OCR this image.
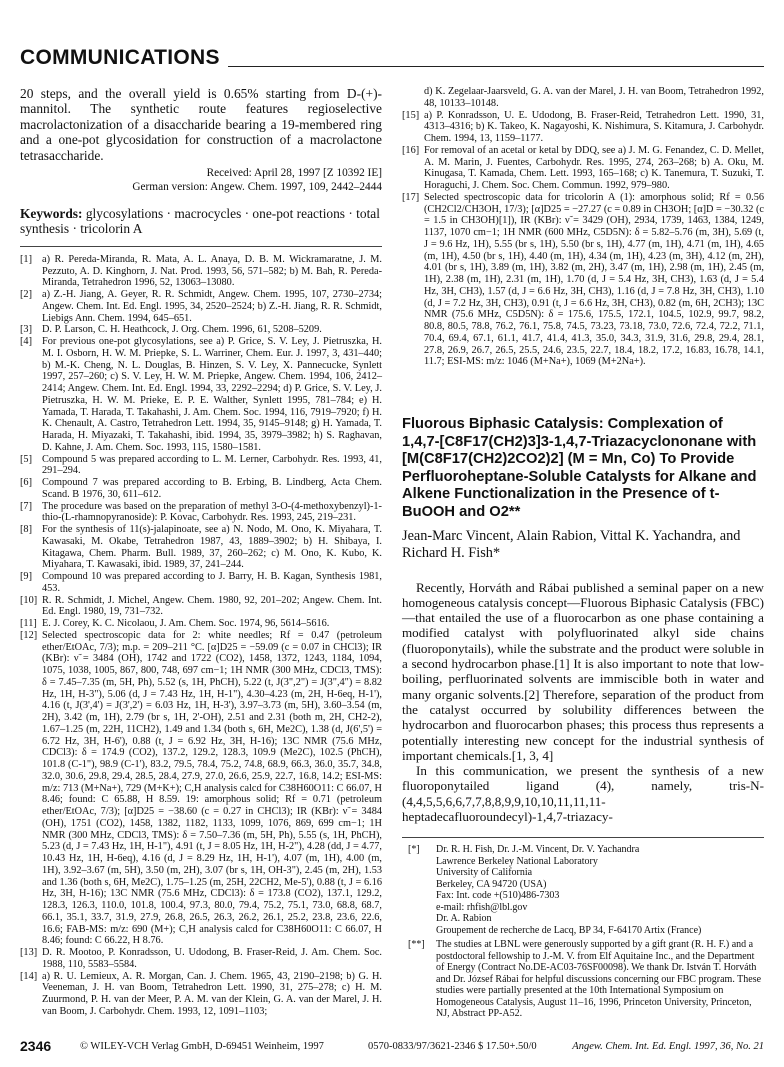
COMMUNICATIONS

20 steps, and the overall yield is 0.65% starting from D-(+)-mannitol. The synthetic route features regioselective macrolactonization of a disaccharide bearing a 19-membered ring and a one-pot glycosidation for construction of a macrolactone tetrasaccharide.

Received: April 28, 1997 [Z 10392 IE]
German version: Angew. Chem. 1997, 109, 2442–2444
Keywords: glycosylations · macrocycles · one-pot reactions · total synthesis · tricolorin A
[1] a) R. Pereda-Miranda, R. Mata, A. L. Anaya, D. B. M. Wickramaratne, J. M. Pezzuto, A. D. Kinghorn, J. Nat. Prod. 1993, 56, 571–582; b) M. Bah, R. Pereda-Miranda, Tetrahedron 1996, 52, 13063–13080.
[2] a) Z.-H. Jiang, A. Geyer, R. R. Schmidt, Angew. Chem. 1995, 107, 2730–2734; Angew. Chem. Int. Ed. Engl. 1995, 34, 2520–2524; b) Z.-H. Jiang, R. R. Schmidt, Liebigs Ann. Chem. 1994, 645–651.
[3] D. P. Larson, C. H. Heathcock, J. Org. Chem. 1996, 61, 5208–5209.
[4] For previous one-pot glycosylations, see a) P. Grice, S. V. Ley, J. Pietruszka, H. M. I. Osborn, H. W. M. Priepke, S. L. Warriner, Chem. Eur. J. 1997, 3, 431–440; b) M.-K. Cheng, N. L. Douglas, B. Hinzen, S. V. Ley, X. Pannecucke, Synlett 1997, 257–260; c) S. V. Ley, H. W. M. Priepke, Angew. Chem. 1994, 106, 2412–2414; Angew. Chem. Int. Ed. Engl. 1994, 33, 2292–2294; d) P. Grice, S. V. Ley, J. Pietruszka, H. W. M. Prieke, E. P. E. Walther, Synlett 1995, 781–784; e) H. Yamada, T. Harada, T. Takahashi, J. Am. Chem. Soc. 1994, 116, 7919–7920; f) H. K. Chenault, A. Castro, Tetrahedron Lett. 1994, 35, 9145–9148; g) H. Yamada, T. Harada, H. Miyazaki, T. Takahashi, ibid. 1994, 35, 3979–3982; h) S. Raghavan, D. Kahne, J. Am. Chem. Soc. 1993, 115, 1580–1581.
[5] Compound 5 was prepared according to L. M. Lerner, Carbohydr. Res. 1993, 41, 291–294.
[6] Compound 7 was prepared according to B. Erbing, B. Lindberg, Acta Chem. Scand. B 1976, 30, 611–612.
[7] The procedure was based on the preparation of methyl 3-O-(4-methoxybenzyl)-1-thio-(L-rhamnopyranoside): P. Kovac, Carbohydr. Res. 1993, 245, 219–231.
[8] For the synthesis of 11(s)-jalapinoate, see a) N. Nodo, M. Ono, K. Miyahara, T. Kawasaki, M. Okabe, Tetrahedron 1987, 43, 1889–3902; b) H. Shibaya, I. Kitagawa, Chem. Pharm. Bull. 1989, 37, 260–262; c) M. Ono, K. Kubo, K. Miyahara, T. Kawasaki, ibid. 1989, 37, 241–244.
[9] Compound 10 was prepared according to J. Barry, H. B. Kagan, Synthesis 1981, 453.
[10] R. R. Schmidt, J. Michel, Angew. Chem. 1980, 92, 201–202; Angew. Chem. Int. Ed. Engl. 1980, 19, 731–732.
[11] E. J. Corey, K. C. Nicolaou, J. Am. Chem. Soc. 1974, 96, 5614–5616.
[12] Selected spectroscopic data for 2: white needles; Rf = 0.47 (petroleum ether/EtOAc, 7/3); m.p. = 209–211 °C. [α]D25 = −59.09 (c = 0.07 in CHCl3); IR (KBr): ν̃ = 3484 (OH), 1742 and 1722 (CO2), 1458, 1372, 1243, 1184, 1094, 1075, 1038, 1005, 867, 800, 748, 697 cm−1; 1H NMR (300 MHz, CDCl3, TMS): δ = 7.45–7.35 (m, 5H, Ph), 5.52 (s, 1H, PhCH), 5.22 (t, J(3",2") = J(3",4") = 8.82 Hz, 1H, H-3"), 5.06 (d, J = 7.43 Hz, 1H, H-1"), 4.30–4.23 (m, 2H, H-6eq, H-1'), 4.16 (t, J(3',4') = J(3',2') = 6.03 Hz, 1H, H-3'), 3.97–3.73 (m, 5H), 3.60–3.54 (m, 2H), 3.42 (m, 1H), 2.79 (br s, 1H, 2'-OH), 2.51 and 2.31 (both m, 2H, CH2-2), 1.67–1.25 (m, 22H, 11CH2), 1.49 and 1.34 (both s, 6H, Me2C), 1.38 (d, J(6',5') = 6.72 Hz, 3H, H-6'), 0.88 (t, J = 6.92 Hz, 3H, H-16); 13C NMR (75.6 MHz, CDCl3): δ = 174.9 (CO2), 137.2, 129.2, 128.3, 109.9 (Me2C), 102.5 (PhCH), 101.8 (C-1"), 98.9 (C-1'), 83.2, 79.5, 78.4, 75.2, 74.8, 68.9, 66.3, 36.0, 35.7, 34.8, 32.0, 30.6, 29.8, 29.4, 28.5, 28.4, 27.9, 27.0, 26.6, 25.9, 22.7, 16.8, 14.2; ESI-MS: m/z: 713 (M+Na+), 729 (M+K+); C,H analysis calcd for C38H60O11: C 66.07, H 8.46; found: C 65.88, H 8.59. 19: amorphous solid; Rf = 0.71 (petroleum ether/EtOAc, 7/3); [α]D25 = −38.60 (c = 0.27 in CHCl3); IR (KBr): ν̃ = 3484 (OH), 1751 (CO2), 1458, 1382, 1182, 1133, 1099, 1076, 869, 699 cm−1; 1H NMR (300 MHz, CDCl3, TMS): δ = 7.50–7.36 (m, 5H, Ph), 5.55 (s, 1H, PhCH), 5.23 (d, J = 7.43 Hz, 1H, H-1"), 4.91 (t, J = 8.05 Hz, 1H, H-2"), 4.28 (dd, J = 4.77, 10.43 Hz, 1H, H-6eq), 4.16 (d, J = 8.29 Hz, 1H, H-1'), 4.07 (m, 1H), 4.00 (m, 1H), 3.92–3.67 (m, 5H), 3.50 (m, 2H), 3.07 (br s, 1H, OH-3"), 2.45 (m, 2H), 1.53 and 1.36 (both s, 6H, Me2C), 1.75–1.25 (m, 25H, 22CH2, Me-5'), 0.88 (t, J = 6.16 Hz, 3H, H-16); 13C NMR (75.6 MHz, CDCl3): δ = 173.8 (CO2), 137.1, 129.2, 128.3, 126.3, 110.0, 101.8, 100.4, 97.3, 80.0, 79.4, 75.2, 75.1, 73.0, 68.8, 68.7, 66.1, 35.1, 33.7, 31.9, 27.9, 26.8, 26.5, 26.3, 26.2, 26.1, 25.2, 23.8, 23.6, 22.6, 16.6; FAB-MS: m/z: 690 (M+); C,H analysis calcd for C38H60O11: C 66.07, H 8.46; found: C 66.22, H 8.76.
[13] D. R. Mootoo, P. Konradsson, U. Udodong, B. Fraser-Reid, J. Am. Chem. Soc. 1988, 110, 5583–5584.
[14] a) R. U. Lemieux, A. R. Morgan, Can. J. Chem. 1965, 43, 2190–2198; b) G. H. Veeneman, J. H. van Boom, Tetrahedron Lett. 1990, 31, 275–278; c) H. M. Zuurmond, P. H. van der Meer, P. A. M. van der Klein, G. A. van der Marel, J. H. van Boom, J. Carbohydr. Chem. 1993, 12, 1091–1103;
d) K. Zegelaar-Jaarsveld, G. A. van der Marel, J. H. van Boom, Tetrahedron 1992, 48, 10133–10148.
[15] a) P. Konradsson, U. E. Udodong, B. Fraser-Reid, Tetrahedron Lett. 1990, 31, 4313–4316; b) K. Takeo, K. Nagayoshi, K. Nishimura, S. Kitamura, J. Carbohydr. Chem. 1994, 13, 1159–1177.
[16] For removal of an acetal or ketal by DDQ, see a) J. M. G. Fenandez, C. D. Mellet, A. M. Marin, J. Fuentes, Carbohydr. Res. 1995, 274, 263–268; b) A. Oku, M. Kinugasa, T. Kamada, Chem. Lett. 1993, 165–168; c) K. Tanemura, T. Suzuki, T. Horaguchi, J. Chem. Soc. Chem. Commun. 1992, 979–980.
[17] Selected spectroscopic data for tricolorin A (1): amorphous solid; Rf = 0.56 (CH2Cl2/CH3OH, 17/3); [α]D25 = −27.27 (c = 0.89 in CH3OH; [α]D = −30.32 (c = 1.5 in CH3OH)[1]), IR (KBr): ν̃ = 3429 (OH), 2934, 1739, 1463, 1384, 1249, 1137, 1070 cm−1; 1H NMR (600 MHz, C5D5N): δ = 5.82–5.76 (m, 3H), 5.69 (t, J = 9.6 Hz, 1H), 5.55 (br s, 1H), 5.50 (br s, 1H), 4.77 (m, 1H), 4.71 (m, 1H), 4.65 (m, 1H), 4.50 (br s, 1H), 4.40 (m, 1H), 4.34 (m, 1H), 4.23 (m, 3H), 4.12 (m, 2H), 4.01 (br s, 1H), 3.89 (m, 1H), 3.82 (m, 2H), 3.47 (m, 1H), 2.98 (m, 1H), 2.45 (m, 1H), 2.38 (m, 1H), 2.31 (m, 1H), 1.70 (d, J = 5.4 Hz, 3H, CH3), 1.63 (d, J = 5.4 Hz, 3H, CH3), 1.57 (d, J = 6.6 Hz, 3H, CH3), 1.16 (d, J = 7.8 Hz, 3H, CH3), 1.10 (d, J = 7.2 Hz, 3H, CH3), 0.91 (t, J = 6.6 Hz, 3H, CH3), 0.82 (m, 6H, 2CH3); 13C NMR (75.6 MHz, C5D5N): δ = 175.6, 175.5, 172.1, 104.5, 102.9, 99.7, 98.2, 80.8, 80.5, 78.8, 76.2, 76.1, 75.8, 74.5, 73.23, 73.18, 73.0, 72.6, 72.4, 72.2, 71.1, 70.4, 69.4, 67.1, 61.1, 41.7, 41.4, 41.3, 35.0, 34.3, 31.9, 31.6, 29.8, 29.4, 28.1, 27.8, 26.9, 26.7, 26.5, 25.5, 24.6, 23.5, 22.7, 18.4, 18.2, 17.2, 16.83, 16.78, 14.1, 11.7; ESI-MS: m/z: 1046 (M+Na+), 1069 (M+2Na+).
Fluorous Biphasic Catalysis: Complexation of 1,4,7-[C8F17(CH2)3]3-1,4,7-Triazacyclononane with [M(C8F17(CH2)2CO2)2] (M = Mn, Co) To Provide Perfluoroheptane-Soluble Catalysts for Alkane and Alkene Functionalization in the Presence of t-BuOOH and O2**
Jean-Marc Vincent, Alain Rabion, Vittal K. Yachandra, and Richard H. Fish*

Recently, Horváth and Rábai published a seminal paper on a new homogeneous catalysis concept—Fluorous Biphasic Catalysis (FBC)—that entailed the use of a fluorocarbon as one phase containing a modified catalyst with polyfluorinated alkyl side chains (fluoroponytails), while the substrate and the product were soluble in a second hydrocarbon phase.[1] It is also important to note that low-boiling, perfluorinated solvents are immiscible both in water and many organic solvents.[2] Therefore, separation of the product from the catalyst occurred by solubility differences between the hydrocarbon and fluorocarbon phases; this process thus represents a potentially interesting new concept for the industrial synthesis of important chemicals.[1, 3, 4]

In this communication, we present the synthesis of a new fluoroponytailed ligand (4), namely, tris-N-(4,4,5,5,6,6,7,7,8,8,9,9,10,10,11,11,11-heptadecafluoroundecyl)-1,4,7-triazacy-

[*] Dr. R. H. Fish, Dr. J.-M. Vincent, Dr. V. Yachandra
Lawrence Berkeley National Laboratory
University of California
Berkeley, CA 94720 (USA)
Fax: Int. code +(510)486-7303
e-mail: rhfish@lbl.gov
Dr. A. Rabion
Groupement de recherche de Lacq, BP 34, F-64170 Artix (France)
[**] The studies at LBNL were generously supported by a gift grant (R. H. F.) and a postdoctoral fellowship to J.-M. V. from Elf Aquitaine Inc., and the Department of Energy (Contract No.DE-AC03-76SF00098). We thank Dr. István T. Horváth and Dr. József Rábai for helpful discussions concerning our FBC program. These studies were partially presented at the 10th International Symposium on Homogeneous Catalysis, August 11–16, 1996, Princeton University, Princeton, NJ, Abstract PP-A52.
2346	© WILEY-VCH Verlag GmbH, D-69451 Weinheim, 1997	0570-0833/97/3621-2346 $ 17.50+.50/0	Angew. Chem. Int. Ed. Engl. 1997, 36, No. 21
